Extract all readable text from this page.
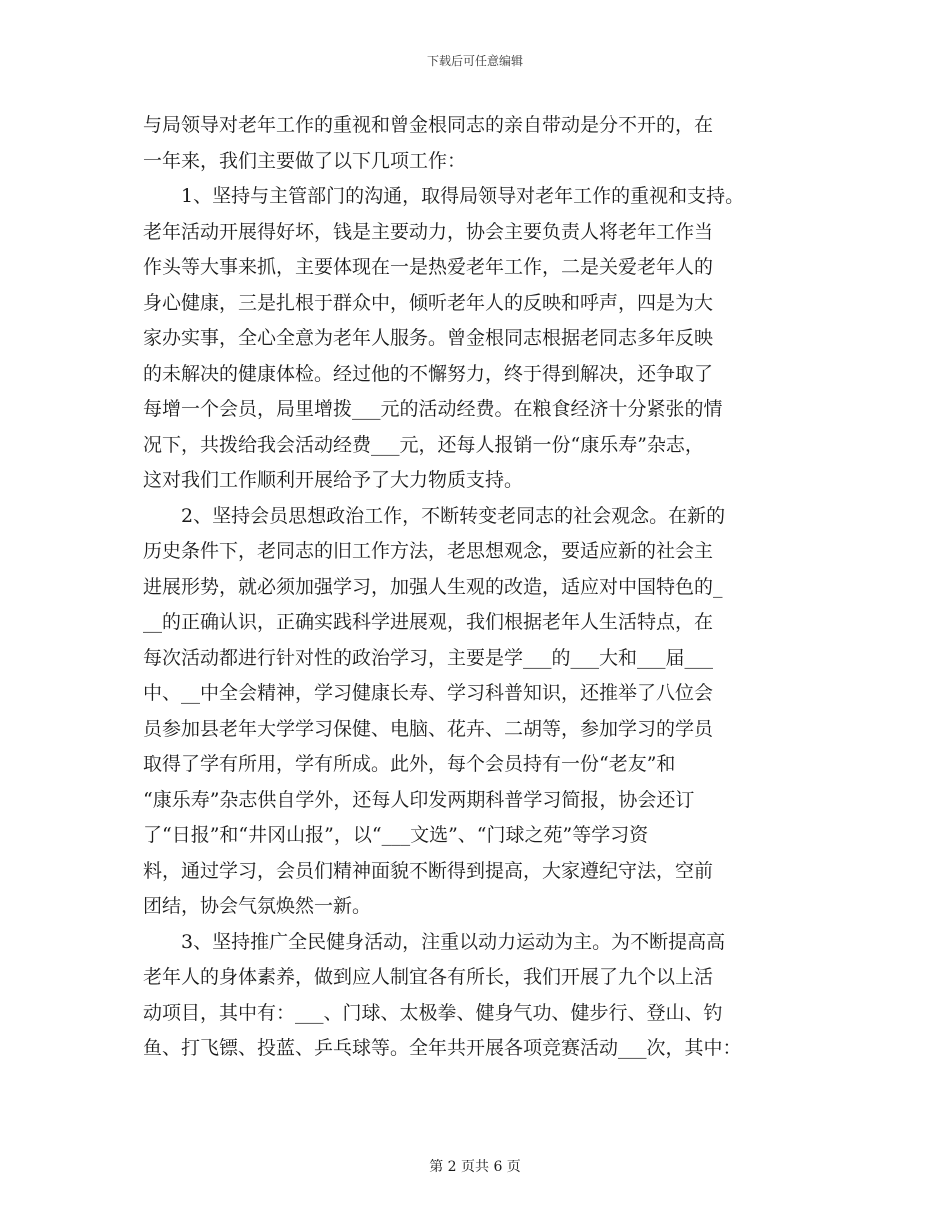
下载后可任意编辑
与局领导对老年工作的重视和曾金根同志的亲自带动是分不开的，在
一年来，我们主要做了以下几项工作：
　　1、坚持与主管部门的沟通，取得局领导对老年工作的重视和支持。
老年活动开展得好坏，钱是主要动力，协会主要负责人将老年工作当
作头等大事来抓，主要体现在一是热爱老年工作，二是关爱老年人的
身心健康，三是扎根于群众中，倾听老年人的反映和呼声，四是为大
家办实事，全心全意为老年人服务。曾金根同志根据老同志多年反映
的未解决的健康体检。经过他的不懈努力，终于得到解决，还争取了
每增一个会员，局里增拨___元的活动经费。在粮食经济十分紧张的情
况下，共拨给我会活动经费___元，还每人报销一份“康乐寿”杂志，
这对我们工作顺利开展给予了大力物质支持。
　　2、坚持会员思想政治工作，不断转变老同志的社会观念。在新的
历史条件下，老同志的旧工作方法，老思想观念，要适应新的社会主
进展形势，就必须加强学习，加强人生观的改造，适应对中国特色的_
__的正确认识，正确实践科学进展观，我们根据老年人生活特点，在
每次活动都进行针对性的政治学习，主要是学___的___大和___届___
中、__中全会精神，学习健康长寿、学习科普知识，还推举了八位会
员参加县老年大学学习保健、电脑、花卉、二胡等，参加学习的学员
取得了学有所用，学有所成。此外，每个会员持有一份“老友”和
“康乐寿”杂志供自学外，还每人印发两期科普学习简报，协会还订
了“日报”和“井冈山报”，以“___文选”、“门球之苑”等学习资
料，通过学习，会员们精神面貌不断得到提高，大家遵纪守法，空前
团结，协会气氛焕然一新。
　　3、坚持推广全民健身活动，注重以动力运动为主。为不断提高高
老年人的身体素养，做到应人制宜各有所长，我们开展了九个以上活
动项目，其中有：___、门球、太极拳、健身气功、健步行、登山、钓
鱼、打飞镖、投蓝、乒乓球等。全年共开展各项竞赛活动___次，其中：
第 2 页共 6 页
